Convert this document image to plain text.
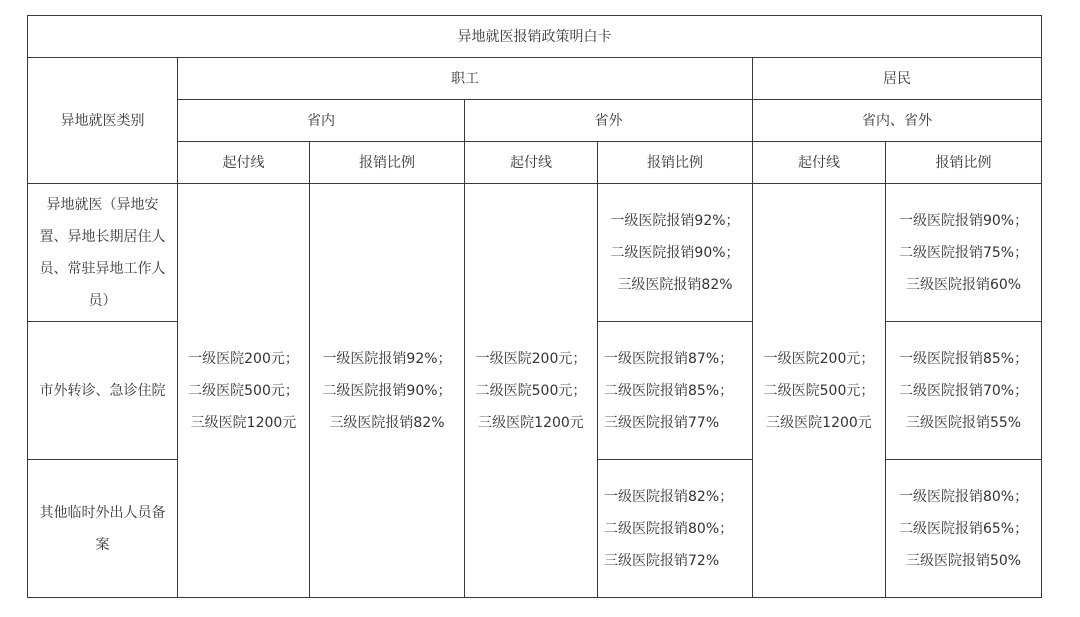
异地就医报销政策明白卡						
异地就医类别	职工				居民	
	省内		省外		省内、省外	
	起付线	报销比例	起付线	报销比例	起付线	报销比例
异地就医（异地安置、异地长期居住人员、常驻异地工作人员）	一级医院200元；二级医院500元；三级医院1200元	一级医院报销92%；二级医院报销90%；三级医院报销82%	一级医院200元；二级医院500元；三级医院1200元	一级医院报销92%；二级医院报销90%；三级医院报销82%	一级医院200元；二级医院500元；三级医院1200元	一级医院报销90%；二级医院报销75%；三级医院报销60%
市外转诊、急诊住院				一级医院报销87%；二级医院报销85%；三级医院报销77%		一级医院报销85%；二级医院报销70%；三级医院报销55%
其他临时外出人员备案				一级医院报销82%；二级医院报销80%；三级医院报销72%		一级医院报销80%；二级医院报销65%；三级医院报销50%
